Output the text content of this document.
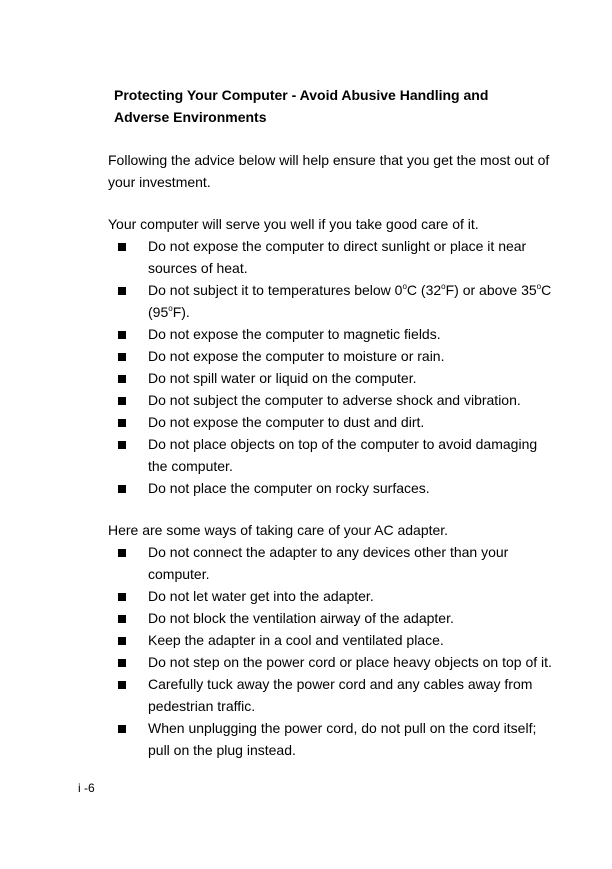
Protecting Your Computer - Avoid Abusive Handling and
Adverse Environments

Following the advice below will help ensure that you get the most out of your investment.

Your computer will serve you well if you take good care of it.

Do not expose the computer to direct sunlight or place it near sources of heat.
Do not subject it to temperatures below 0$^o$C (32$^o$F) or above 35$^o$C (95$^o$F).
Do not expose the computer to magnetic fields.
Do not expose the computer to moisture or rain.
Do not spill water or liquid on the computer.
Do not subject the computer to adverse shock and vibration.
Do not expose the computer to dust and dirt.
Do not place objects on top of the computer to avoid damaging the computer.
Do not place the computer on rocky surfaces.

Here are some ways of taking care of your AC adapter.

Do not connect the adapter to any devices other than your computer.
Do not let water get into the adapter.
Do not block the ventilation airway of the adapter.
Keep the adapter in a cool and ventilated place.
Do not step on the power cord or place heavy objects on top of it.
Carefully tuck away the power cord and any cables away from pedestrian traffic.
When unplugging the power cord, do not pull on the cord itself; pull on the plug instead.
i -6
